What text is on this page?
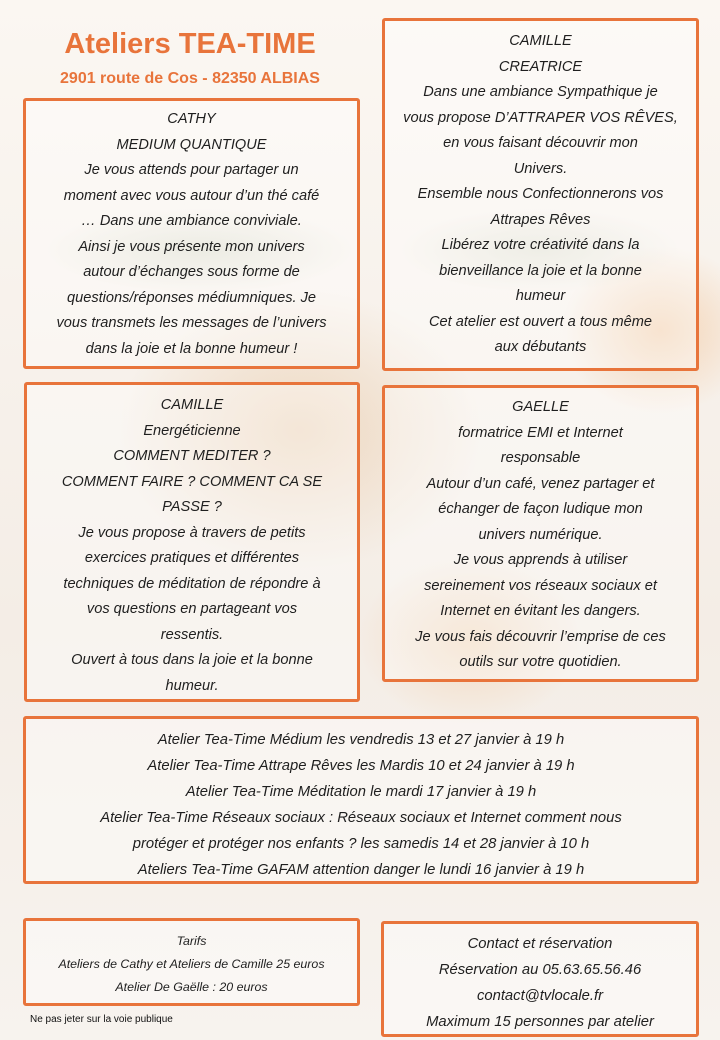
Ateliers TEA-TIME

2901 route de Cos - 82350 ALBIAS

CATHY

MEDIUM QUANTIQUE

Je vous attends pour partager un

moment avec vous autour d’un thé café

… Dans une ambiance conviviale.

Ainsi je vous présente mon univers

autour d’échanges sous forme de

questions/réponses médiumniques. Je

vous transmets les messages de l’univers

dans la joie et la bonne humeur !

CAMILLE

CREATRICE

Dans une ambiance Sympathique je

vous propose D’ATTRAPER VOS RÊVES,

en vous faisant découvrir mon

Univers.

Ensemble nous Confectionnerons vos

Attrapes Rêves

Libérez votre créativité dans la

bienveillance la joie et la bonne

humeur

Cet atelier est ouvert a tous même

aux débutants

CAMILLE

Energéticienne

COMMENT MEDITER ?

COMMENT FAIRE ? COMMENT CA SE

PASSE ?

Je vous propose à travers de petits

exercices pratiques et différentes

techniques de méditation de répondre à

vos questions en partageant vos

ressentis.

Ouvert à tous dans la joie et la bonne

humeur.

GAELLE

formatrice EMI et Internet

responsable

Autour d’un café, venez partager et

échanger de façon ludique mon

univers numérique.

Je vous apprends à utiliser

sereinement vos réseaux sociaux et

Internet en évitant les dangers.

Je vous fais découvrir l’emprise de ces

outils sur votre quotidien.

Atelier Tea-Time Médium les vendredis 13 et 27 janvier à 19 h

Atelier Tea-Time Attrape Rêves les Mardis 10 et 24 janvier à 19 h

Atelier Tea-Time Méditation le mardi 17 janvier à 19 h

Atelier Tea-Time Réseaux sociaux : Réseaux sociaux et Internet comment nous

protéger et protéger nos enfants ? les samedis 14 et 28 janvier à 10 h

Ateliers Tea-Time GAFAM attention danger le lundi 16 janvier à 19 h

Tarifs

Ateliers de Cathy et Ateliers de Camille 25 euros

Atelier De Gaëlle : 20 euros

Contact et réservation

Réservation au 05.63.65.56.46

contact@tvlocale.fr

Maximum 15 personnes par atelier

Ne pas jeter sur la voie publique
